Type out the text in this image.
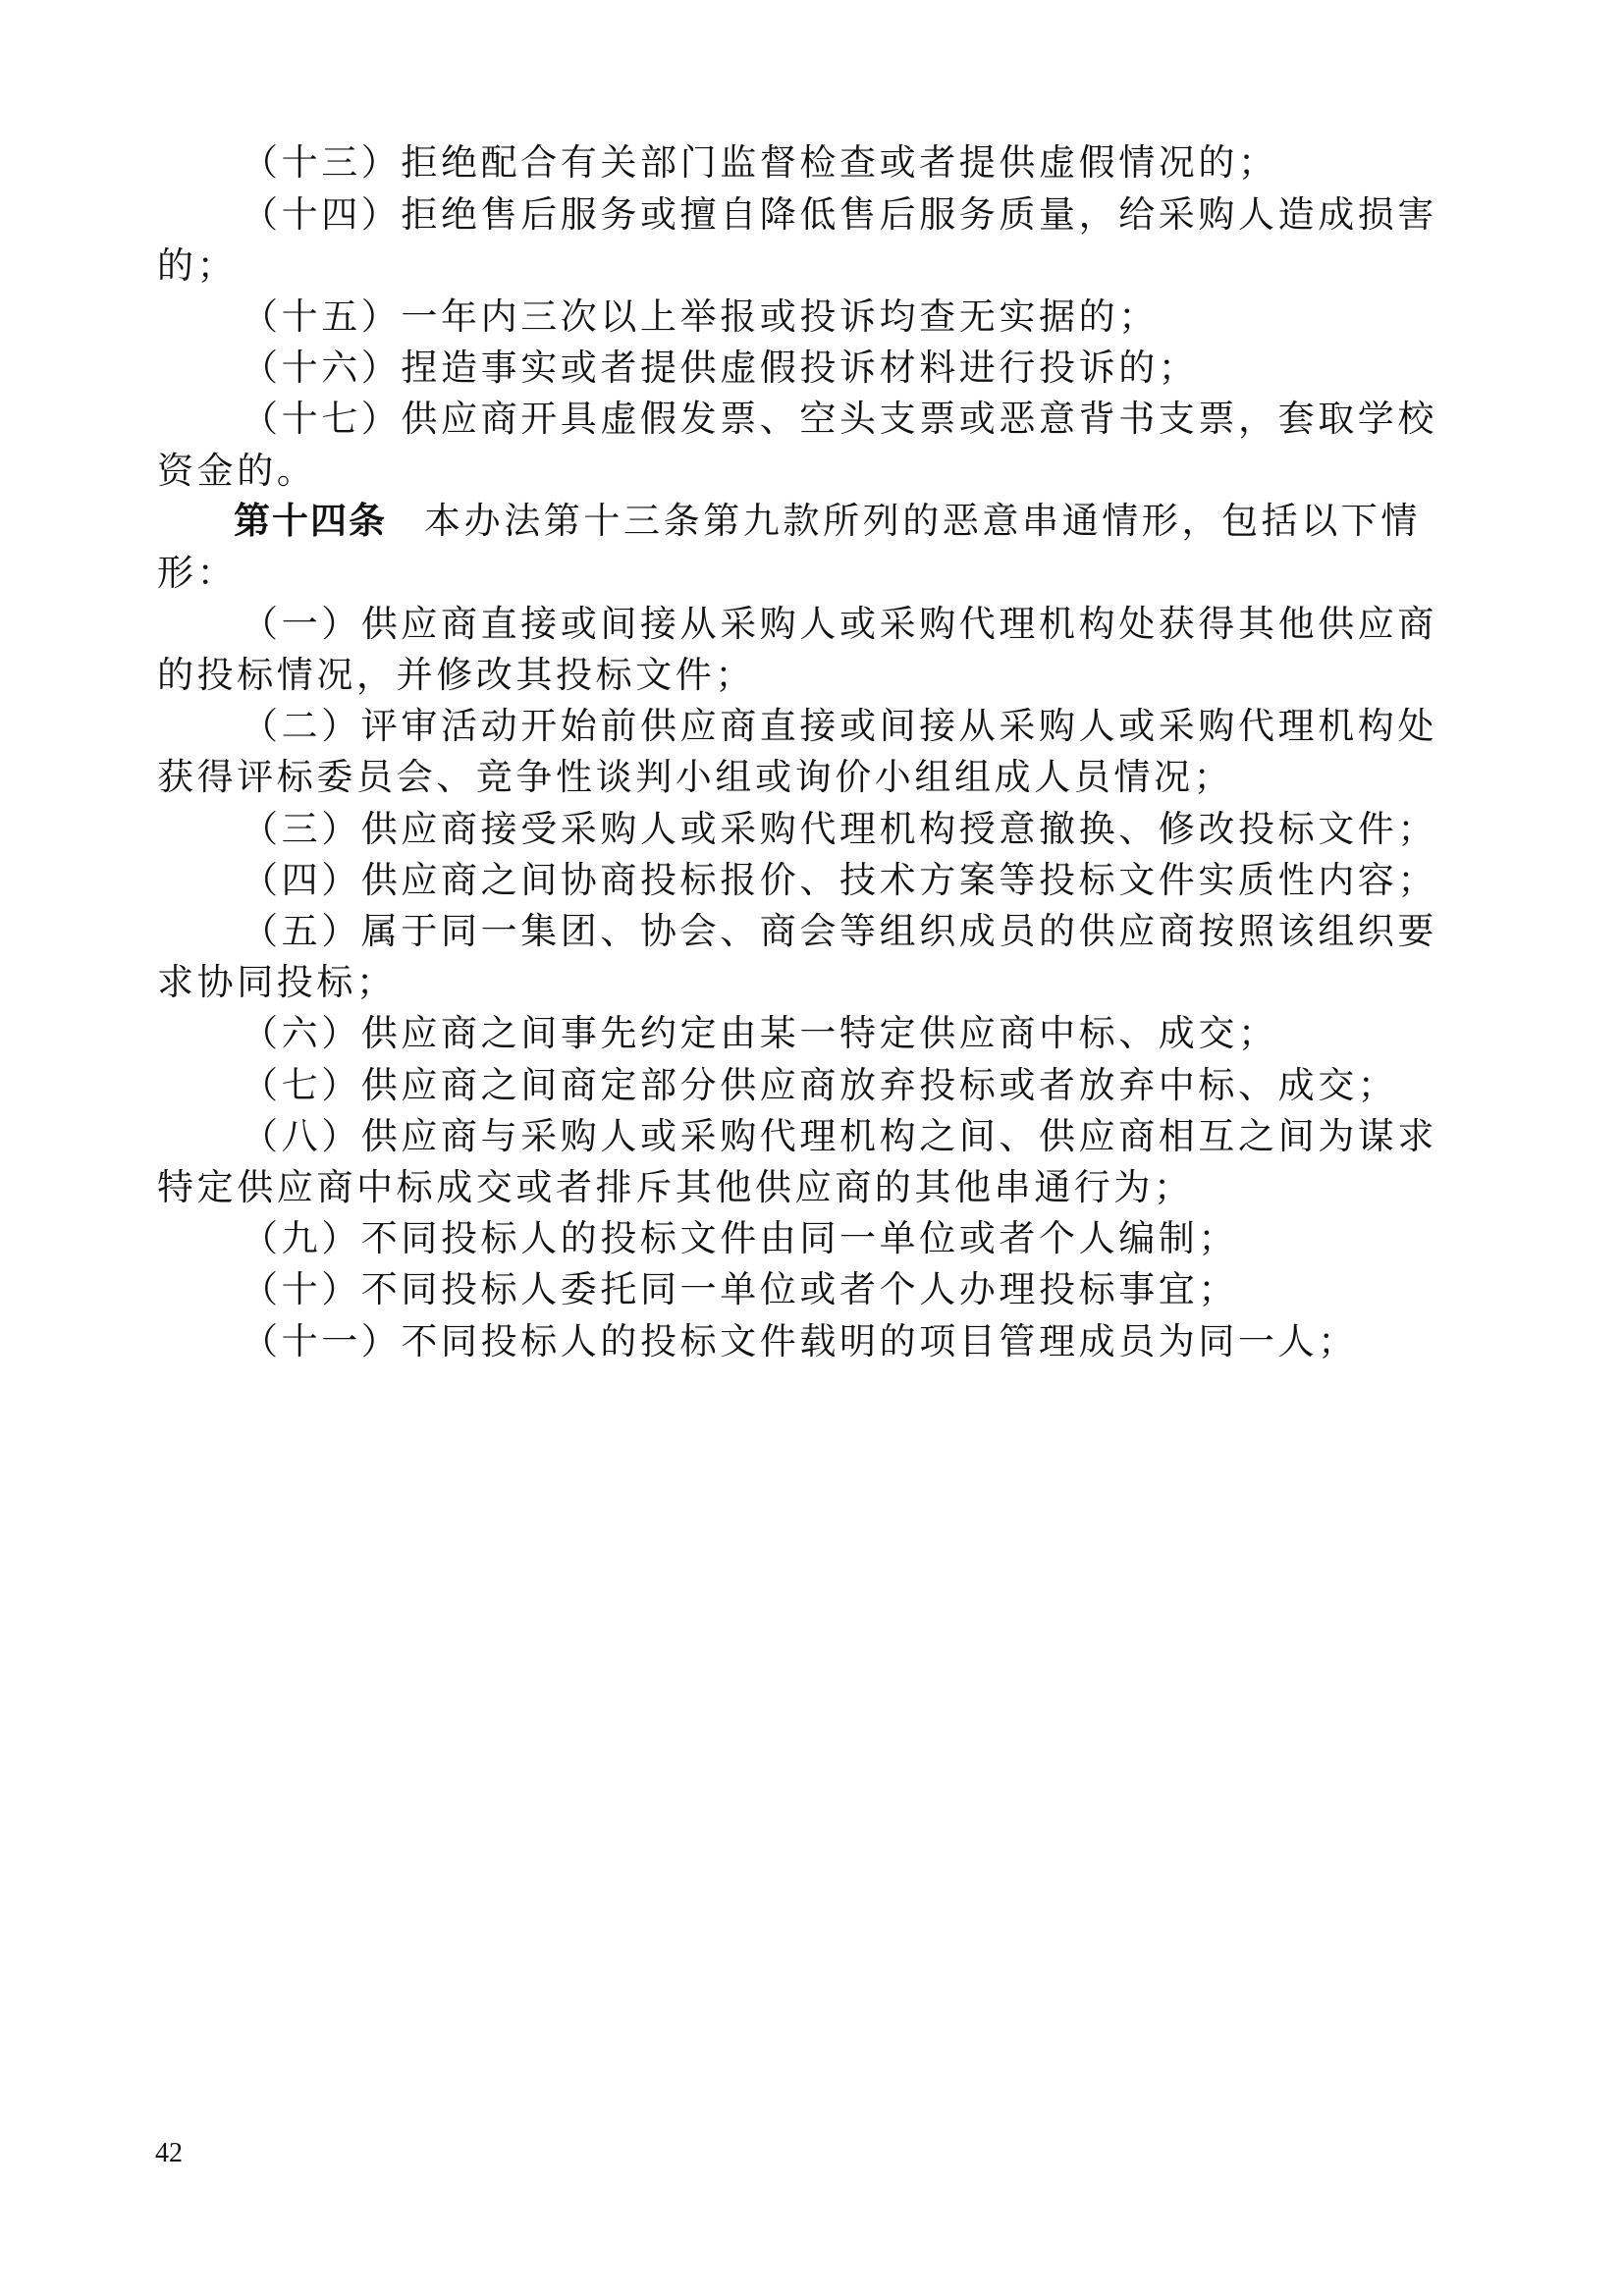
（十三）拒绝配合有关部门监督检查或者提供虚假情况的；
（十四）拒绝售后服务或擅自降低售后服务质量，给采购人造成损害
的；
（十五）一年内三次以上举报或投诉均查无实据的；
（十六）捏造事实或者提供虚假投诉材料进行投诉的；
（十七）供应商开具虚假发票、空头支票或恶意背书支票，套取学校
资金的。
第十四条 本办法第十三条第九款所列的恶意串通情形，包括以下情
形：
（一）供应商直接或间接从采购人或采购代理机构处获得其他供应商
的投标情况，并修改其投标文件；
（二）评审活动开始前供应商直接或间接从采购人或采购代理机构处
获得评标委员会、竞争性谈判小组或询价小组组成人员情况；
（三）供应商接受采购人或采购代理机构授意撤换、修改投标文件；
（四）供应商之间协商投标报价、技术方案等投标文件实质性内容；
（五）属于同一集团、协会、商会等组织成员的供应商按照该组织要
求协同投标；
（六）供应商之间事先约定由某一特定供应商中标、成交；
（七）供应商之间商定部分供应商放弃投标或者放弃中标、成交；
（八）供应商与采购人或采购代理机构之间、供应商相互之间为谋求
特定供应商中标成交或者排斥其他供应商的其他串通行为；
（九）不同投标人的投标文件由同一单位或者个人编制；
（十）不同投标人委托同一单位或者个人办理投标事宜；
（十一）不同投标人的投标文件载明的项目管理成员为同一人；
42
